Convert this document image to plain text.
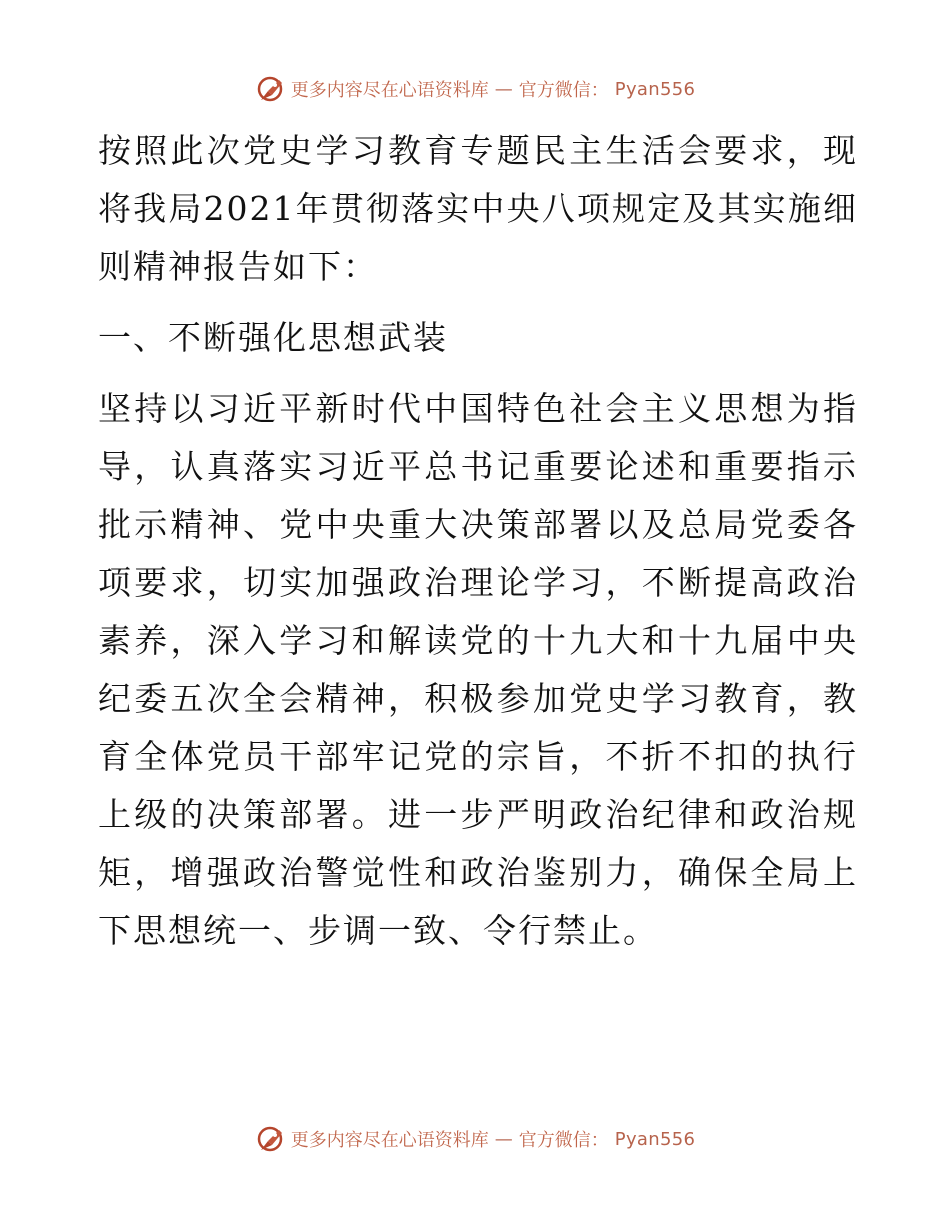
更多内容尽在心语资料库 — 官方微信： Pyan556

按照此次党史学习教育专题民主生活会要求，现将我局2021年贯彻落实中央八项规定及其实施细则精神报告如下：

一、不断强化思想武装

坚持以习近平新时代中国特色社会主义思想为指导，认真落实习近平总书记重要论述和重要指示批示精神、党中央重大决策部署以及总局党委各项要求，切实加强政治理论学习，不断提高政治素养，深入学习和解读党的十九大和十九届中央纪委五次全会精神，积极参加党史学习教育，教育全体党员干部牢记党的宗旨，不折不扣的执行上级的决策部署。进一步严明政治纪律和政治规矩，增强政治警觉性和政治鉴别力，确保全局上下思想统一、步调一致、令行禁止。

更多内容尽在心语资料库 — 官方微信： Pyan556
